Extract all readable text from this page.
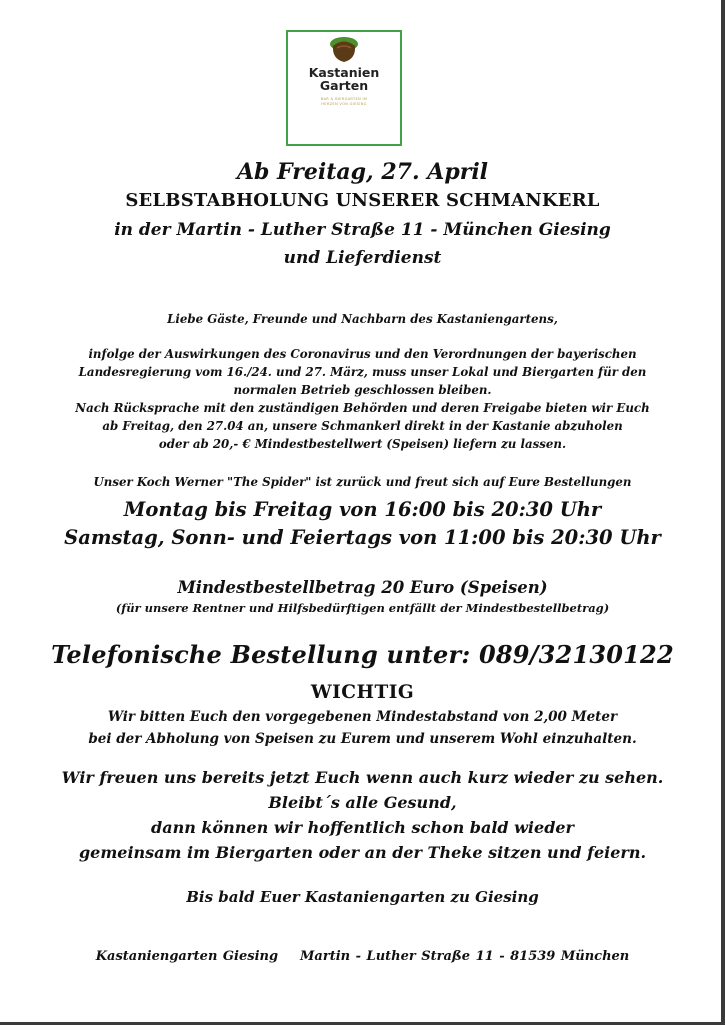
Kastanien
Garten
BAR & BIERGARTEN IM
HERZEN VON GIESING
Ab Freitag, 27. April
SELBSTABHOLUNG UNSERER SCHMANKERL
in der Martin - Luther Straße 11 - München Giesing
und Lieferdienst
Liebe Gäste, Freunde und Nachbarn des Kastaniengartens,
infolge der Auswirkungen des Coronavirus und den Verordnungen der bayerischen
Landesregierung vom 16./24. und 27. März, muss unser Lokal und Biergarten für den
normalen Betrieb geschlossen bleiben.
Nach Rücksprache mit den zuständigen Behörden und deren Freigabe bieten wir Euch
ab Freitag, den 27.04 an, unsere Schmankerl direkt in der Kastanie abzuholen
oder ab 20,- € Mindestbestellwert (Speisen) liefern zu lassen.
Unser Koch Werner "The Spider" ist zurück und freut sich auf Eure Bestellungen
Montag bis Freitag von 16:00 bis 20:30 Uhr
Samstag, Sonn- und Feiertags von 11:00 bis 20:30 Uhr
Mindestbestellbetrag 20 Euro (Speisen)
(für unsere Rentner und Hilfsbedürftigen entfällt der Mindestbestellbetrag)
Telefonische Bestellung unter: 089/32130122
WICHTIG
Wir bitten Euch den vorgegebenen Mindestabstand von 2,00 Meter
bei der Abholung von Speisen zu Eurem und unserem Wohl einzuhalten.
Wir freuen uns bereits jetzt Euch wenn auch kurz wieder zu sehen.
Bleibt´s alle Gesund,
dann können wir hoffentlich schon bald wieder
gemeinsam im Biergarten oder an der Theke sitzen und feiern.
Bis bald Euer Kastaniengarten zu Giesing
Kastaniengarten Giesing Martin - Luther Straße 11 - 81539 München
